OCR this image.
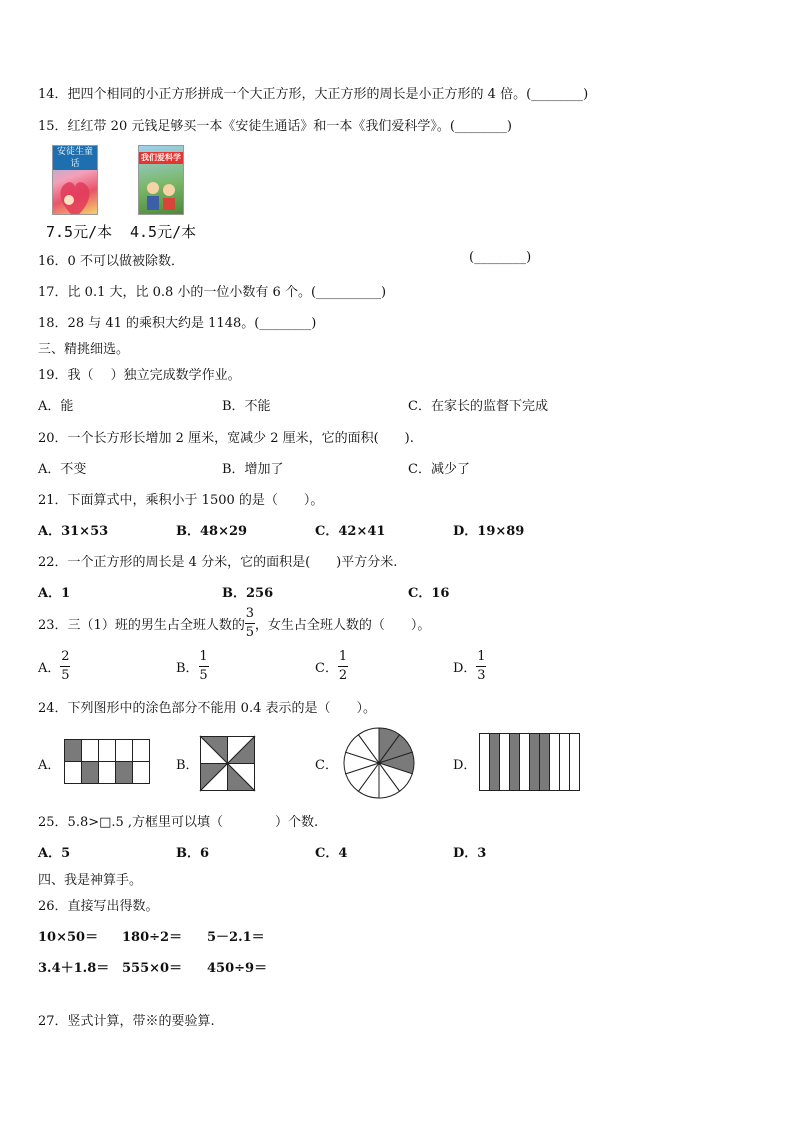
14．把四个相同的小正方形拼成一个大正方形，大正方形的周长是小正方形的 4 倍。(________)
15．红红带 20 元钱足够买一本《安徒生通话》和一本《我们爱科学》。(________)
安徒生童话
我们爱科学
7.5元/本 4.5元/本
16．0 不可以做被除数．	(________)
17．比 0.1 大，比 0.8 小的一位小数有 6 个。(__________)
18．28 与 41 的乘积大约是 1148。(________)
三、精挑细选。
19．我（　 ）独立完成数学作业。
A．能	B．不能	C．在家长的监督下完成
20．一个长方形长增加 2 厘米，宽减少 2 厘米，它的面积(　　).
A．不变	B．增加了	C．减少了
21．下面算式中，乘积小于 1500 的是（　　）。
A．31×53	B．48×29	C．42×41	D．19×89
22．一个正方形的周长是 4 分米，它的面积是(　　)平方分米.
A．1	B．256	C．16
23．三（1）班的男生占全班人数的 $\frac{3}{5}$ ，女生占全班人数的（　　）。
A． $\frac{2}{5}$	B． $\frac{1}{5}$	C． $\frac{1}{2}$	D． $\frac{1}{3}$
24．下列图形中的涂色部分不能用 0.4 表示的是（　　）。
A．	B．	C．	D．
25．5.8>□.5 ,方框里可以填（　　　　）个数.
A．5	B．6	C．4	D．3
四、我是神算手。
26．直接写出得数。
10×50＝ 180÷2＝ 5－2.1＝
3.4＋1.8＝ 555×0＝ 450÷9＝
27．竖式计算，带※的要验算.
